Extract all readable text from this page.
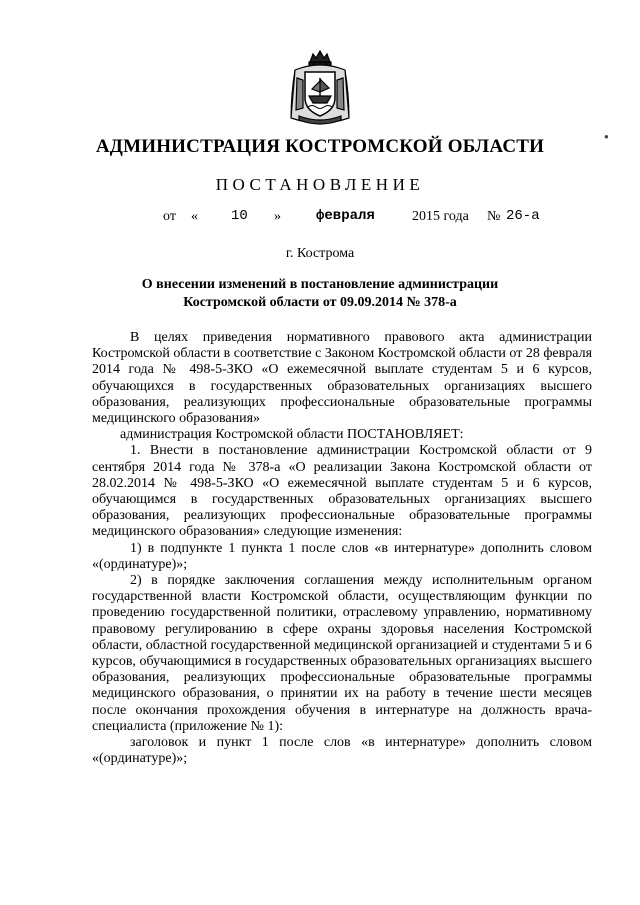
●
АДМИНИСТРАЦИЯ КОСТРОМСКОЙ ОБЛАСТИ
ПОСТАНОВЛЕНИЕ
от « 10 »	февраля	2015 года № 26-а
г. Кострома
О внесении изменений в постановление администрации
Костромской области от 09.09.2014 № 378-а

В целях приведения нормативного правового акта администрации Костромской области в соответствие с Законом Костромской области от 28 февраля 2014 года № 498-5-ЗКО «О ежемесячной выплате студентам 5 и 6 курсов, обучающихся в государственных образовательных организациях высшего образования, реализующих профессиональные образовательные программы медицинского образования»

администрация Костромской области ПОСТАНОВЛЯЕТ:

1. Внести в постановление администрации Костромской области от 9 сентября 2014 года № 378-а «О реализации Закона Костромской области от 28.02.2014 № 498-5-ЗКО «О ежемесячной выплате студентам 5 и 6 курсов, обучающимся в государственных образовательных организациях высшего образования, реализующих профессиональные образовательные программы медицинского образования» следующие изменения:

1) в подпункте 1 пункта 1 после слов «в интернатуре» дополнить словом «(ординатуре)»;

2) в порядке заключения соглашения между исполнительным органом государственной власти Костромской области, осуществляющим функции по проведению государственной политики, отраслевому управлению, нормативному правовому регулированию в сфере охраны здоровья населения Костромской области, областной государственной медицинской организацией и студентами 5 и 6 курсов, обучающимися в государственных образовательных организациях высшего образования, реализующих профессиональные образовательные программы медицинского образования, о принятии их на работу в течение шести месяцев после окончания прохождения обучения в интернатуре на должность врача-специалиста (приложение № 1):

заголовок и пункт 1 после слов «в интернатуре» дополнить словом «(ординатуре)»;
